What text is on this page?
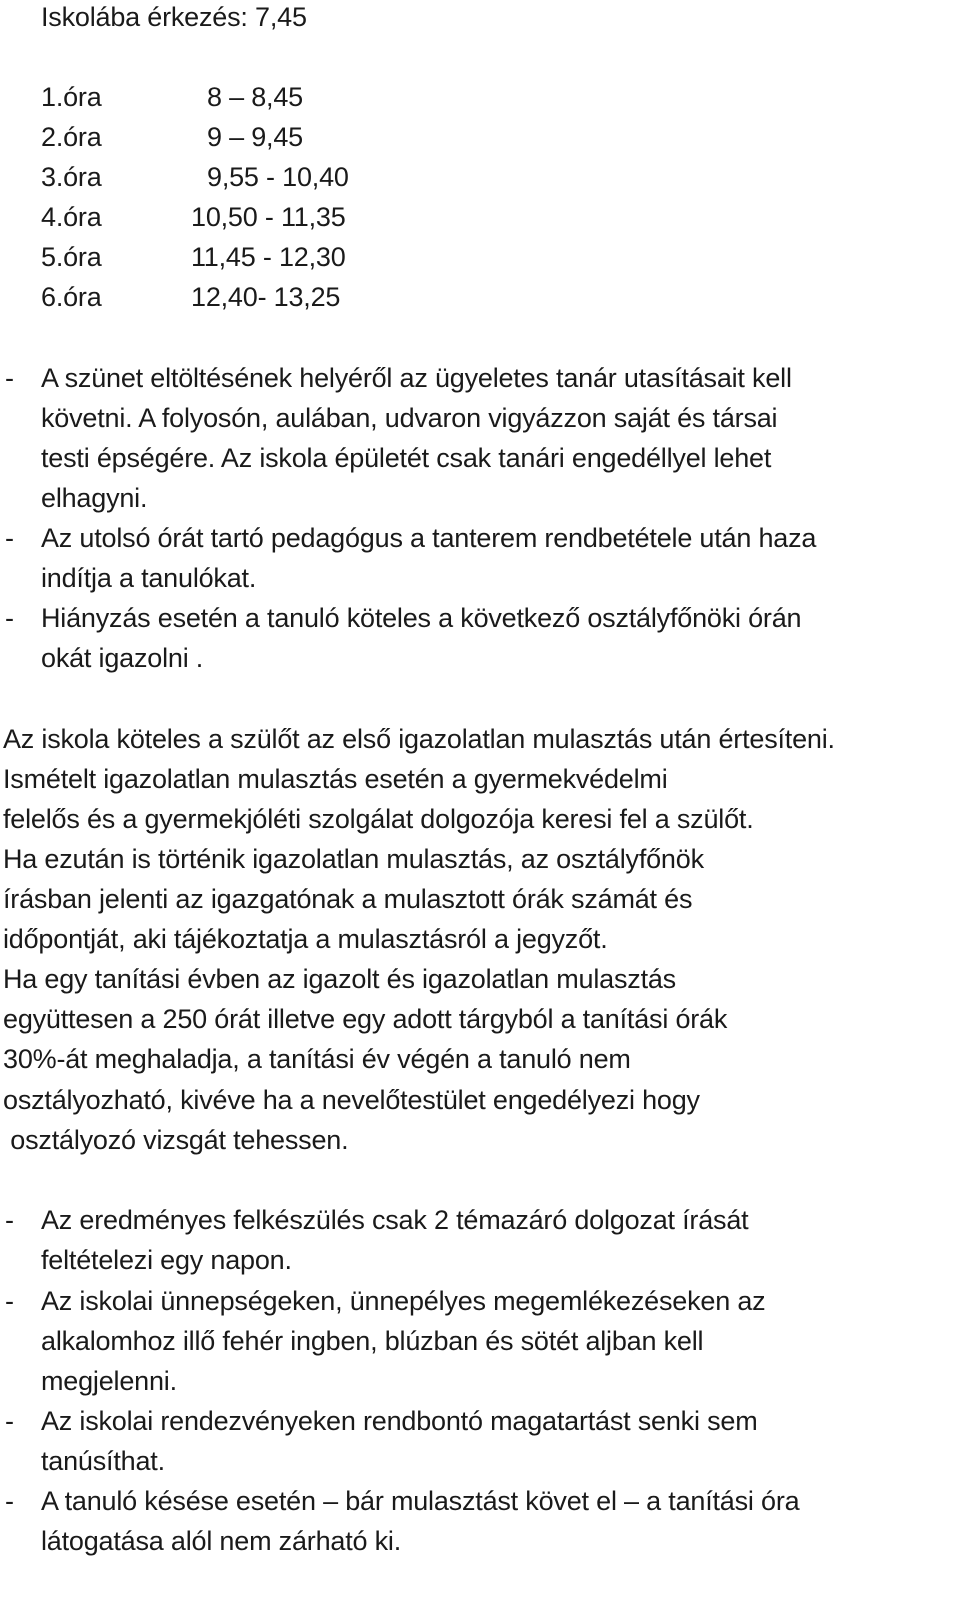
Iskolába érkezés: 7,45
1.óra	8 – 8,45
2.óra	9 – 9,45
3.óra	9,55 - 10,40
4.óra	10,50 - 11,35
5.óra	11,45 - 12,30
6.óra	12,40- 13,25
- A szünet eltöltésének helyéről az ügyeletes tanár utasításait kell
követni. A folyosón, aulában, udvaron vigyázzon saját és társai
testi épségére. Az iskola épületét csak tanári engedéllyel lehet
elhagyni.
- Az utolsó órát tartó pedagógus a tanterem rendbetétele után haza
indítja a tanulókat.
- Hiányzás esetén a tanuló köteles a következő osztályfőnöki órán
okát igazolni .
Az iskola köteles a szülőt az első igazolatlan mulasztás után értesíteni.
Ismételt igazolatlan mulasztás esetén a gyermekvédelmi
felelős és a gyermekjóléti szolgálat dolgozója keresi fel a szülőt.
Ha ezután is történik igazolatlan mulasztás, az osztályfőnök
írásban jelenti az igazgatónak a mulasztott órák számát és
időpontját, aki tájékoztatja a mulasztásról a jegyzőt.
Ha egy tanítási évben az igazolt és igazolatlan mulasztás
együttesen a 250 órát illetve egy adott tárgyból a tanítási órák
30%-át meghaladja, a tanítási év végén a tanuló nem
osztályozható, kivéve ha a nevelőtestület engedélyezi hogy
osztályozó vizsgát tehessen.
- Az eredményes felkészülés csak 2 témazáró dolgozat írását
feltételezi egy napon.
- Az iskolai ünnepségeken, ünnepélyes megemlékezéseken az
alkalomhoz illő fehér ingben, blúzban és sötét aljban kell
megjelenni.
- Az iskolai rendezvényeken rendbontó magatartást senki sem
tanúsíthat.
- A tanuló késése esetén – bár mulasztást követ el – a tanítási óra
látogatása alól nem zárható ki.
